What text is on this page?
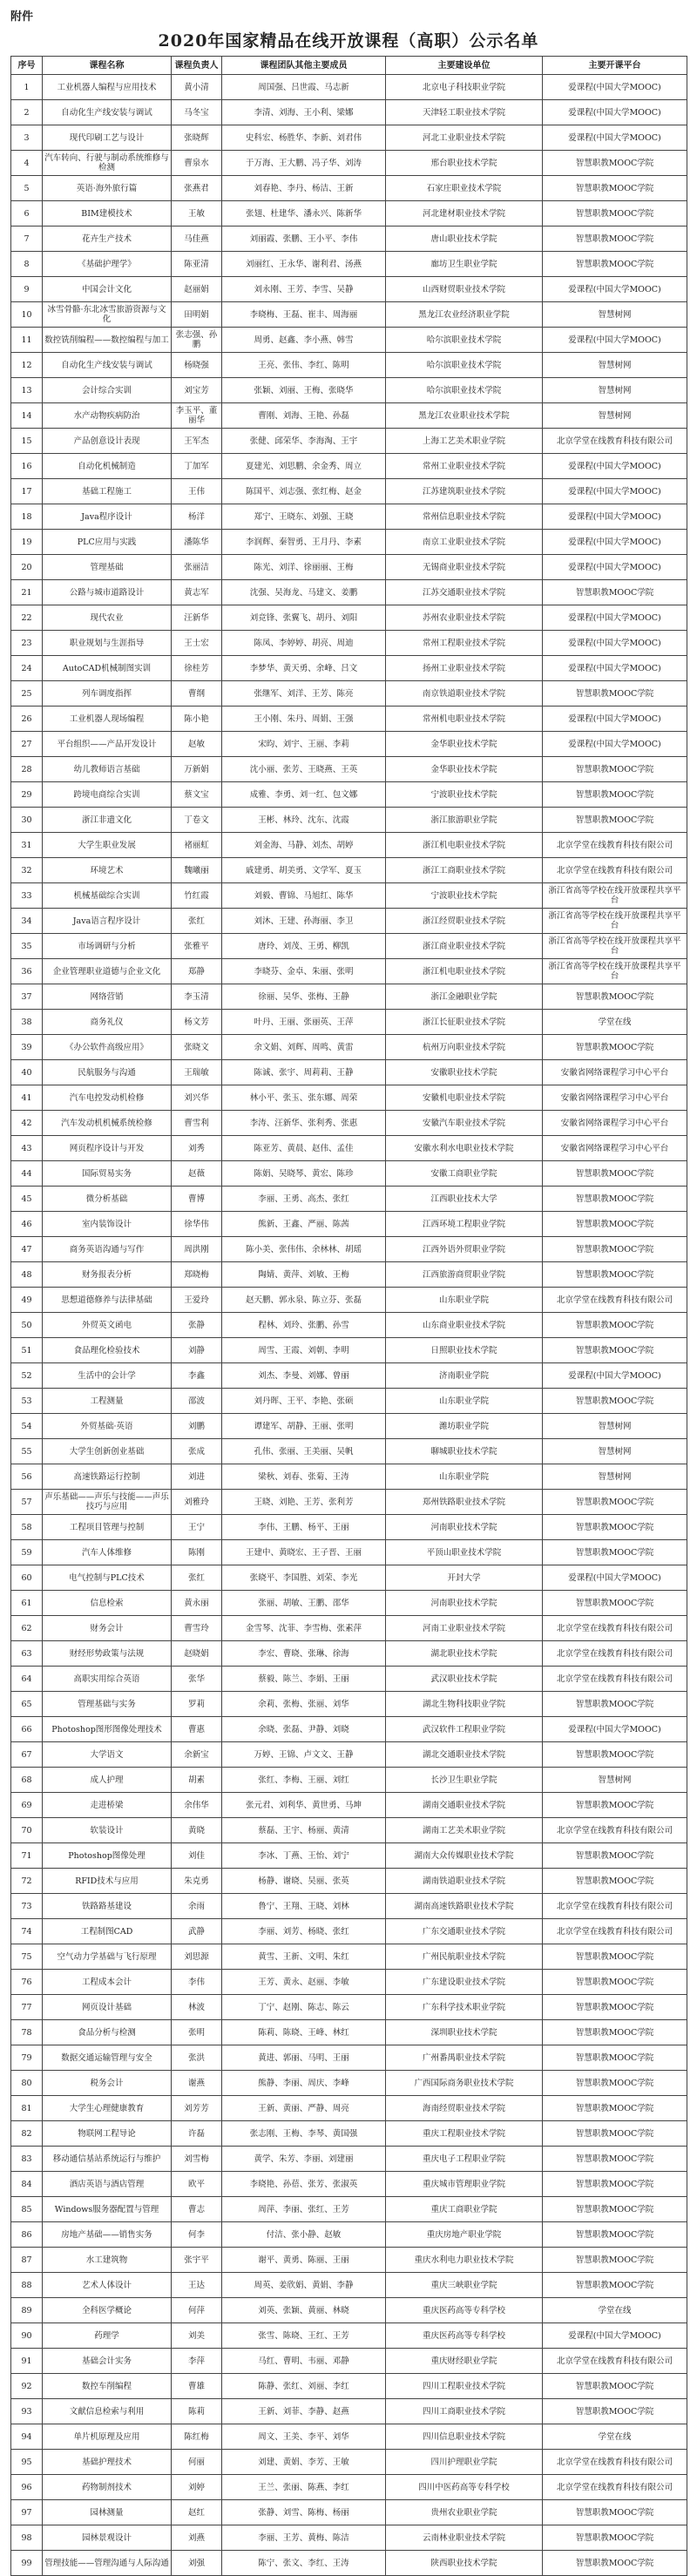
附件
2020年国家精品在线开放课程（高职）公示名单
序号	课程名称	课程负责人	课程团队其他主要成员	主要建设单位	主要开课平台
1	工业机器人编程与应用技术	黄小清	周国强、吕世霞、马志新	北京电子科技职业学院	爱课程(中国大学MOOC)
2	自动化生产线安装与调试	马冬宝	李清、刘海、王小利、梁娜	天津轻工职业技术学院	爱课程(中国大学MOOC)
3	现代印刷工艺与设计	张晓辉	史科宏、杨胜华、李新、刘君伟	河北工业职业技术学院	爱课程(中国大学MOOC)
4	汽车转向、行驶与制动系统维修与检测	曹泉水	于万海、王大鹏、冯子华、刘涛	邢台职业技术学院	智慧职教MOOC学院
5	英语·海外旅行篇	张燕君	刘春艳、李丹、杨洁、王新	石家庄职业技术学院	智慧职教MOOC学院
6	BIM建模技术	王敏	张翅、杜建华、潘永兴、陈新华	河北建材职业技术学院	智慧职教MOOC学院
7	花卉生产技术	马佳燕	刘丽霞、张鹏、王小平、李伟	唐山职业技术学院	智慧职教MOOC学院
8	《基础护理学》	陈亚清	刘丽红、王永华、谢利君、汤燕	廊坊卫生职业学院	智慧职教MOOC学院
9	中国会计文化	赵丽娟	刘永刚、王芳、李雪、吴静	山西财贸职业技术学院	爱课程(中国大学MOOC)
10	冰雪骨骼·东北冰雪旅游资源与文化	田明娟	李晓梅、王磊、崔丰、周海丽	黑龙江农业经济职业学院	智慧树网
11	数控铣削编程——数控编程与加工	张志强、孙鹏	周勇、赵鑫、李小燕、韩雪	哈尔滨职业技术学院	爱课程(中国大学MOOC)
12	自动化生产线安装与调试	杨晓强	王亮、张伟、李红、陈明	哈尔滨职业技术学院	智慧树网
13	会计综合实训	刘宝芳	张颖、刘丽、王梅、张晓华	哈尔滨职业技术学院	智慧树网
14	水产动物疾病防治	李玉平、董丽华	曹刚、刘海、王艳、孙磊	黑龙江农业职业技术学院	智慧树网
15	产品创意设计表现	王军杰	张健、邱荣华、李海淘、王宇	上海工艺美术职业学院	北京学堂在线教育科技有限公司
16	自动化机械制造	丁加军	夏建光、刘思鹏、余金秀、周立	常州工业职业技术学院	爱课程(中国大学MOOC)
17	基础工程施工	王伟	陈国平、刘志强、张红梅、赵金	江苏建筑职业技术学院	爱课程(中国大学MOOC)
18	Java程序设计	杨洋	郑宁、王晓东、刘强、王晓	常州信息职业技术学院	爱课程(中国大学MOOC)
19	PLC应用与实践	潘陈华	李润辉、秦智勇、王月丹、李素	南京工业职业技术学院	爱课程(中国大学MOOC)
20	管理基础	张丽洁	陈光、刘洋、徐丽丽、王梅	无锡商业职业技术学院	爱课程(中国大学MOOC)
21	公路与城市道路设计	黄志军	沈强、吴海龙、马建文、姜鹏	江苏交通职业技术学院	智慧职教MOOC学院
22	现代农业	汪新华	刘竞锋、张翼飞、胡丹、刘阳	苏州农业职业技术学院	爱课程(中国大学MOOC)
23	职业规划与生涯指导	王士宏	陈凤、李婷婷、胡亮、周迪	常州工程职业技术学院	爱课程(中国大学MOOC)
24	AutoCAD机械制图实训	徐桂芳	李梦华、黄天勇、余峰、吕文	扬州工业职业技术学院	爱课程(中国大学MOOC)
25	列车调度指挥	曹纲	张继军、刘洋、王芳、陈亮	南京铁道职业技术学院	智慧职教MOOC学院
26	工业机器人现场编程	陈小艳	王小刚、朱丹、周娟、王强	常州机电职业技术学院	爱课程(中国大学MOOC)
27	平台组织——产品开发设计	赵敏	宋昀、刘宇、王丽、李莉	金华职业技术学院	爱课程(中国大学MOOC)
28	幼儿教师语言基础	万新娟	沈小丽、张芳、王晓燕、王英	金华职业技术学院	智慧职教MOOC学院
29	跨境电商综合实训	蔡文宝	成雅、李勇、刘一红、包文娜	宁波职业技术学院	智慧职教MOOC学院
30	浙江非遗文化	丁卷文	王彬、林玲、沈东、沈霞	浙江旅游职业学院	智慧职教MOOC学院
31	大学生职业发展	褚丽虹	刘金海、马静、刘杰、胡婷	浙江机电职业技术学院	北京学堂在线教育科技有限公司
32	环境艺术	魏曦丽	戚建勇、胡美勇、文学军、夏玉	浙江工商职业技术学院	北京学堂在线教育科技有限公司
33	机械基础综合实训	竹红霞	刘毅、曹锦、马旭红、陈华	宁波职业技术学院	浙江省高等学校在线开放课程共享平台
34	Java语言程序设计	张红	刘沐、王建、孙海丽、李卫	浙江经贸职业技术学院	浙江省高等学校在线开放课程共享平台
35	市场调研与分析	张雅平	唐玲、刘茂、王勇、柳凯	浙江商业职业技术学院	浙江省高等学校在线开放课程共享平台
36	企业管理职业道德与企业文化	郑静	李晓芬、金卓、朱丽、张明	浙江机电职业技术学院	浙江省高等学校在线开放课程共享平台
37	网络营销	李玉清	徐丽、吴华、张梅、王静	浙江金融职业学院	智慧职教MOOC学院
38	商务礼仪	杨文芳	叶丹、王丽、张丽英、王萍	浙江长征职业技术学院	学堂在线
39	《办公软件高级应用》	张晓文	余文娟、刘辉、周鸣、黄雷	杭州万向职业技术学院	智慧职教MOOC学院
40	民航服务与沟通	王瑞敏	陈诚、张宇、周莉莉、王静	安徽职业技术学院	安徽省网络课程学习中心平台
41	汽车电控发动机检修	刘兴华	林小平、张玉、张东娜、周荣	安徽机电职业技术学院	安徽省网络课程学习中心平台
42	汽车发动机机械系统检修	曹雪利	李涛、汪新华、张利秀、张惠	安徽汽车职业技术学院	安徽省网络课程学习中心平台
43	网页程序设计与开发	刘秀	陈亚芳、黄晨、赵伟、孟佳	安徽水利水电职业技术学院	安徽省网络课程学习中心平台
44	国际贸易实务	赵薇	陈娟、吴晓琴、黄宏、陈珍	安徽工商职业学院	智慧职教MOOC学院
45	微分析基础	曹博	李丽、王勇、高杰、张红	江西职业技术大学	智慧职教MOOC学院
46	室内装饰设计	徐华伟	熊新、王鑫、严丽、陈茜	江西环境工程职业学院	智慧职教MOOC学院
47	商务英语沟通与写作	周洪刚	陈小美、张伟伟、余林林、胡瑶	江西外语外贸职业学院	智慧职教MOOC学院
48	财务报表分析	郑晓梅	陶婧、黄萍、刘敏、王梅	江西旅游商贸职业学院	智慧职教MOOC学院
49	思想道德修养与法律基础	王爱玲	赵天鹏、郭永泉、陈立芬、张磊	山东职业学院	北京学堂在线教育科技有限公司
50	外贸英文函电	张静	程林、刘玲、张鹏、孙雪	山东商业职业技术学院	智慧职教MOOC学院
51	食品理化检验技术	刘静	周雪、王霞、刘朝、李明	日照职业技术学院	智慧职教MOOC学院
52	生活中的会计学	李鑫	刘杰、李曼、刘娜、曾丽	济南职业学院	爱课程(中国大学MOOC)
53	工程测量	邵波	刘丹晖、王平、李艳、张硕	山东职业学院	智慧职教MOOC学院
54	外贸基础·英语	刘鹏	谭建军、胡静、王丽、张明	潍坊职业学院	智慧树网
55	大学生创新创业基础	张成	孔伟、张丽、王美丽、吴帆	聊城职业技术学院	智慧树网
56	高速铁路运行控制	刘进	梁秋、刘春、张菊、王涛	山东职业学院	智慧树网
57	声乐基础——声乐与技能——声乐技巧与应用	刘雅玲	王晓、刘艳、王芳、张利芳	郑州铁路职业技术学院	智慧职教MOOC学院
58	工程项目管理与控制	王宁	李伟、王鹏、杨平、王丽	河南职业技术学院	智慧职教MOOC学院
59	汽车人体维修	陈刚	王建中、黄晓宏、王子晋、王丽	平顶山职业技术学院	智慧职教MOOC学院
60	电气控制与PLC技术	张红	张晓平、李国胜、刘荣、李光	开封大学	爱课程(中国大学MOOC)
61	信息检索	黄永丽	张丽、胡敏、王鹏、邵华	河南职业技术学院	智慧职教MOOC学院
62	财务会计	曹雪玲	金雪琴、沈菲、李雪梅、张素萍	河南工业职业技术学院	北京学堂在线教育科技有限公司
63	财经形势政策与法规	赵晓娟	李宏、曹晓、张琳、徐海	湖北职业技术学院	北京学堂在线教育科技有限公司
64	高职实用综合英语	张华	蔡毅、陈兰、李娟、王丽	武汉职业技术学院	北京学堂在线教育科技有限公司
65	管理基础与实务	罗莉	余莉、张梅、张丽、刘华	湖北生物科技职业学院	智慧职教MOOC学院
66	Photoshop图形图像处理技术	曹惠	余晓、张磊、尹静、刘晓	武汉软件工程职业学院	爱课程(中国大学MOOC)
67	大学语文	余新宝	万婷、王锦、卢文文、王静	湖北交通职业技术学院	智慧职教MOOC学院
68	成人护理	胡素	张红、李梅、王丽、刘红	长沙卫生职业学院	智慧树网
69	走进桥梁	余伟华	张元君、刘利华、黄世勇、马坤	湖南交通职业技术学院	智慧职教MOOC学院
70	软装设计	黄晓	蔡磊、王宇、杨丽、黄清	湖南工艺美术职业学院	北京学堂在线教育科技有限公司
71	Photoshop图像处理	刘佳	李冰、丁燕、王怡、刘宁	湖南大众传媒职业技术学院	智慧职教MOOC学院
72	RFID技术与应用	朱克勇	杨静、谢晓、吴丽、张英	湖南铁道职业技术学院	智慧职教MOOC学院
73	铁路路基建设	余雨	鲁宁、王翔、王晓、刘林	湖南高速铁路职业技术学院	北京学堂在线教育科技有限公司
74	工程制图CAD	武静	李丽、刘芳、杨晓、张红	广东交通职业技术学院	北京学堂在线教育科技有限公司
75	空气动力学基础与飞行原理	刘思源	黄雪、王新、文明、朱红	广州民航职业技术学院	智慧职教MOOC学院
76	工程成本会计	李伟	王芳、黄永、赵丽、李敏	广东建设职业技术学院	智慧职教MOOC学院
77	网页设计基础	林波	丁宁、赵刚、陈志、陈云	广东科学技术职业学院	智慧职教MOOC学院
78	食品分析与检测	张明	陈莉、陈晓、王峰、林红	深圳职业技术学院	智慧职教MOOC学院
79	数据交通运输管理与安全	张洪	黄进、郭丽、马明、王丽	广州番禺职业技术学院	智慧职教MOOC学院
80	税务会计	谢燕	熊静、李丽、周庆、李峰	广西国际商务职业技术学院	智慧职教MOOC学院
81	大学生心理健康教育	刘芳芳	王新、黄丽、严静、周亮	海南经贸职业技术学院	智慧职教MOOC学院
82	物联网工程导论	许磊	张志刚、王梅、李琴、黄国强	重庆工程职业技术学院	智慧职教MOOC学院
83	移动通信基站系统运行与维护	刘雪梅	黄学、朱芳、李丽、刘建丽	重庆电子工程职业学院	智慧职教MOOC学院
84	酒店英语与酒店管理	欧平	李晓艳、孙蓓、张芳、张淑英	重庆城市管理职业学院	智慧职教MOOC学院
85	Windows服务器配置与管理	曹志	周萍、李丽、张红、王芳	重庆工商职业学院	智慧职教MOOC学院
86	房地产基础——销售实务	何李	付洁、张小静、赵敏	重庆房地产职业学院	智慧职教MOOC学院
87	水工建筑物	张宇平	谢平、黄勇、陈丽、王丽	重庆水利电力职业技术学院	智慧职教MOOC学院
88	艺术人体设计	王达	周英、姜欣娟、黄娟、李静	重庆三峡职业学院	智慧职教MOOC学院
89	全科医学概论	何萍	刘英、张颖、黄丽、林晓	重庆医药高等专科学校	学堂在线
90	药理学	刘美	张雪、陈晓、王红、王芳	重庆医药高等专科学校	爱课程(中国大学MOOC)
91	基础会计实务	李萍	马红、曹明、韦丽、邓静	重庆财经职业学院	北京学堂在线教育科技有限公司
92	数控车削编程	曹雄	陈静、张红、刘丽、李红	四川工程职业技术学院	智慧职教MOOC学院
93	文献信息检索与利用	陈莉	王新、刘菲、李静、赵燕	四川工商职业技术学院	智慧职教MOOC学院
94	单片机原理及应用	陈红梅	周文、王美、李平、刘华	四川信息职业技术学院	学堂在线
95	基础护理技术	何丽	刘建、黄娟、李芳、王敏	四川护理职业学院	北京学堂在线教育科技有限公司
96	药物制剂技术	刘婷	王兰、张丽、陈燕、李红	四川中医药高等专科学校	北京学堂在线教育科技有限公司
97	园林测量	赵红	张静、刘雪、陈梅、杨丽	贵州农业职业学院	智慧职教MOOC学院
98	园林景观设计	刘燕	李丽、王芳、黄梅、陈洁	云南林业职业技术学院	智慧职教MOOC学院
99	管理技能——管理沟通与人际沟通	刘强	陈宁、张文、李红、王涛	陕西职业技术学院	智慧职教MOOC学院
